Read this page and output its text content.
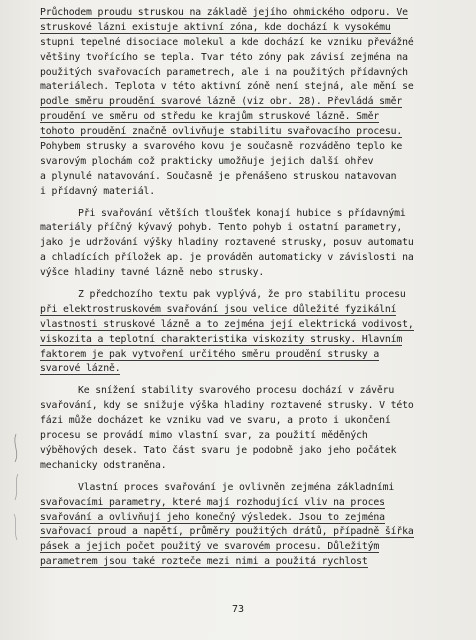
Průchodem proudu struskou na základě jejího ohmického odporu. Ve
struskové lázni existuje aktivní zóna, kde dochází k vysokému
stupni tepelné disociace molekul a kde dochází ke vzniku převážné
většiny tvořícího se tepla. Tvar této zóny pak závisí zejména na
použitých svařovacích parametrech, ale i na použitých přídavných
materiálech. Teplota v této aktivní zóně není stejná, ale mění se
podle směru proudění svarové lázně (viz obr. 28). Převládá směr
proudění ve směru od středu ke krajům struskové lázně. Směr
tohoto proudění značně ovlivňuje stabilitu svařovacího procesu.
Pohybem strusky a svarového kovu je současně rozváděno teplo ke
svarovým plochám což prakticky umožňuje jejich další ohřev
a plynulé natavování. Současně je přenášeno struskou natavovan
i přídavný materiál.
Při svařování větších tloušťek konají hubice s přídavnými
materiály příčný kývavý pohyb. Tento pohyb i ostatní parametry,
jako je udržování výšky hladiny roztavené strusky, posuv automatu
a chladících příložek ap. je prováděn automaticky v závislosti na
výšce hladiny tavné lázně nebo strusky.
Z předchozího textu pak vyplývá, že pro stabilitu procesu
při elektrostruskovém svařování jsou velice důležité fyzikální
vlastnosti struskové lázně a to zejména její elektrická vodivost,
viskozita a teplotní charakteristika viskozity strusky. Hlavním
faktorem je pak vytvoření určitého směru proudění strusky a
svarové lázně.
Ke snížení stability svarového procesu dochází v závěru
svařování, kdy se snižuje výška hladiny roztavené strusky. V této
fázi může docházet ke vzniku vad ve svaru, a proto i ukončení
procesu se provádí mimo vlastní svar, za použití měděných
výběhových desek. Tato část svaru je podobně jako jeho počátek
mechanicky odstraněna.
Vlastní proces svařování je ovlivněn zejména základními
svařovacími parametry, které mají rozhodující vliv na proces
svařování a ovlivňují jeho konečný výsledek. Jsou to zejména
svařovací proud a napětí, průměry použitých drátů, případně šířka
pásek a jejich počet použitý ve svarovém procesu. Důležitým
parametrem jsou také rozteče mezi nimi a použitá rychlost
73
